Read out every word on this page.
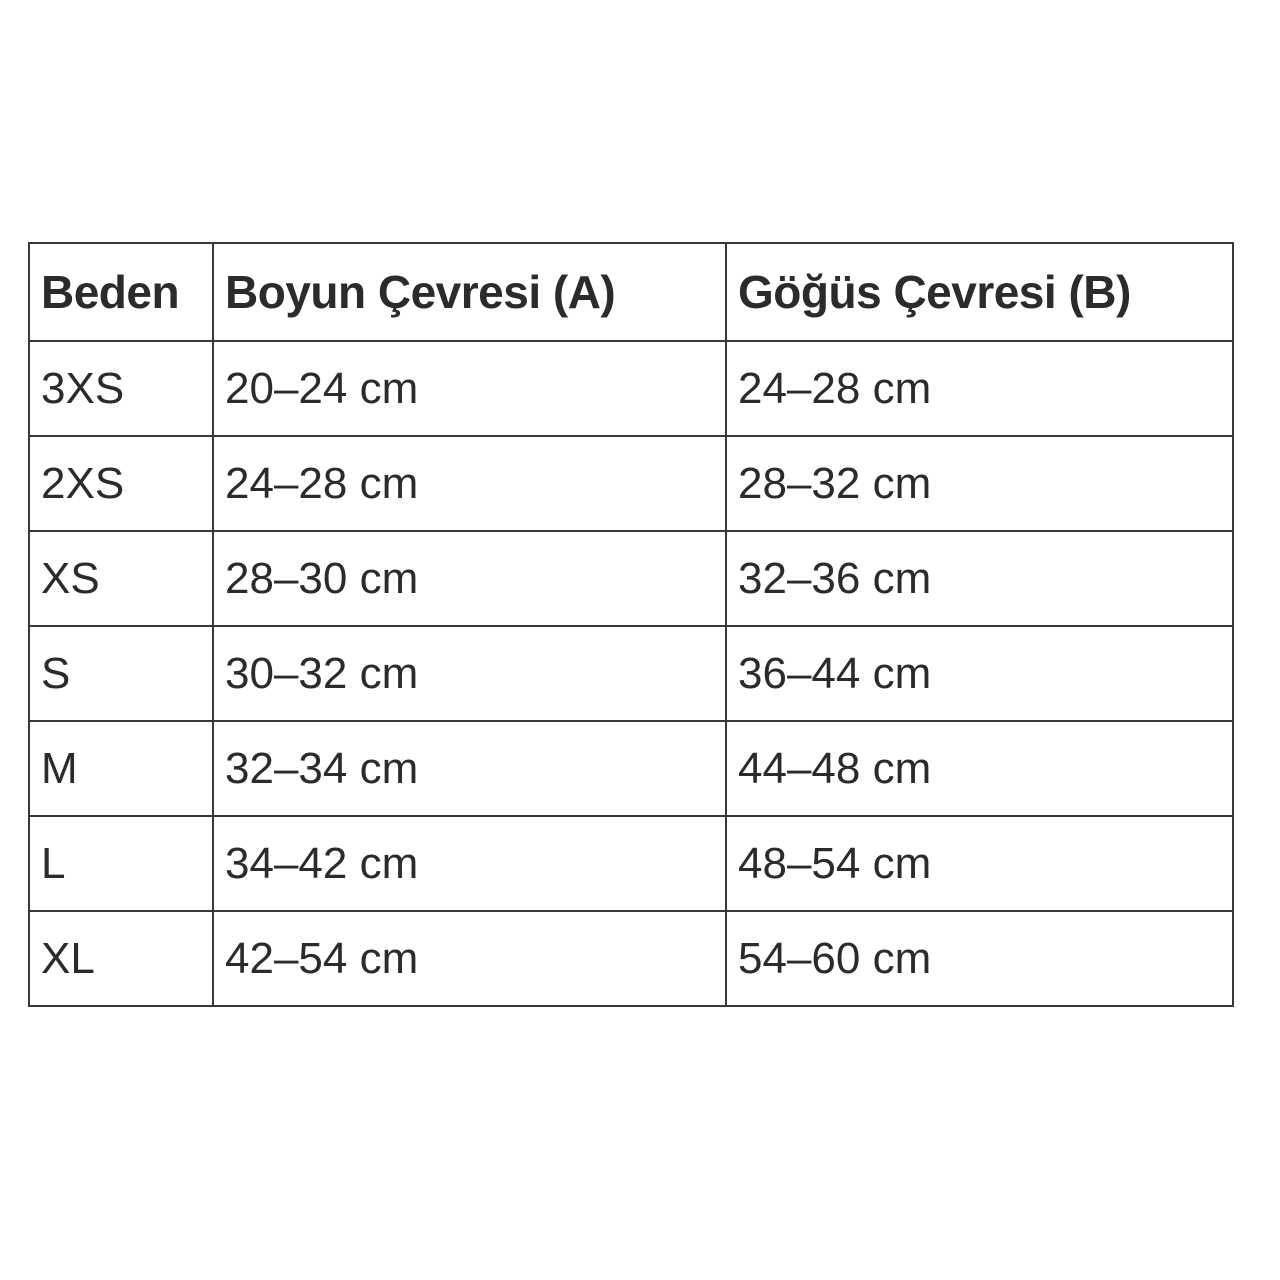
Beden	Boyun Çevresi (A)	Göğüs Çevresi (B)
3XS	20–24 cm	24–28 cm
2XS	24–28 cm	28–32 cm
XS	28–30 cm	32–36 cm
S	30–32 cm	36–44 cm
M	32–34 cm	44–48 cm
L	34–42 cm	48–54 cm
XL	42–54 cm	54–60 cm
